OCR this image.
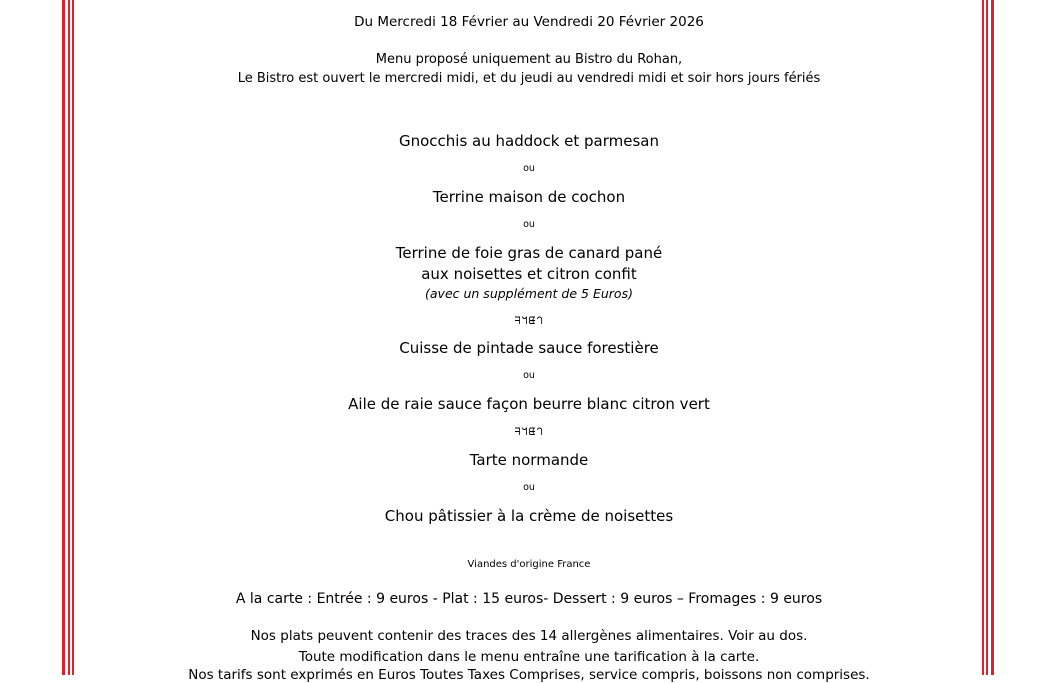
Du Mercredi 18 Février au Vendredi 20 Février 2026
Menu proposé uniquement au Bistro du Rohan,
Le Bistro est ouvert le mercredi midi, et du jeudi au vendredi midi et soir hors jours fériés
Gnocchis au haddock et parmesan
ou
Terrine maison de cochon
ou
Terrine de foie gras de canard pané
aux noisettes et citron confit
(avec un supplément de 5 Euros)
ᖷᖻᘀᘃ
Cuisse de pintade sauce forestière
ou
Aile de raie sauce façon beurre blanc citron vert
ᖷᖻᘀᘃ
Tarte normande
ou
Chou pâtissier à la crème de noisettes
Viandes d'origine France
A la carte : Entrée : 9 euros - Plat : 15 euros- Dessert : 9 euros – Fromages : 9 euros
Nos plats peuvent contenir des traces des 14 allergènes alimentaires. Voir au dos.
Toute modification dans le menu entraîne une tarification à la carte.
Nos tarifs sont exprimés en Euros Toutes Taxes Comprises, service compris, boissons non comprises.
